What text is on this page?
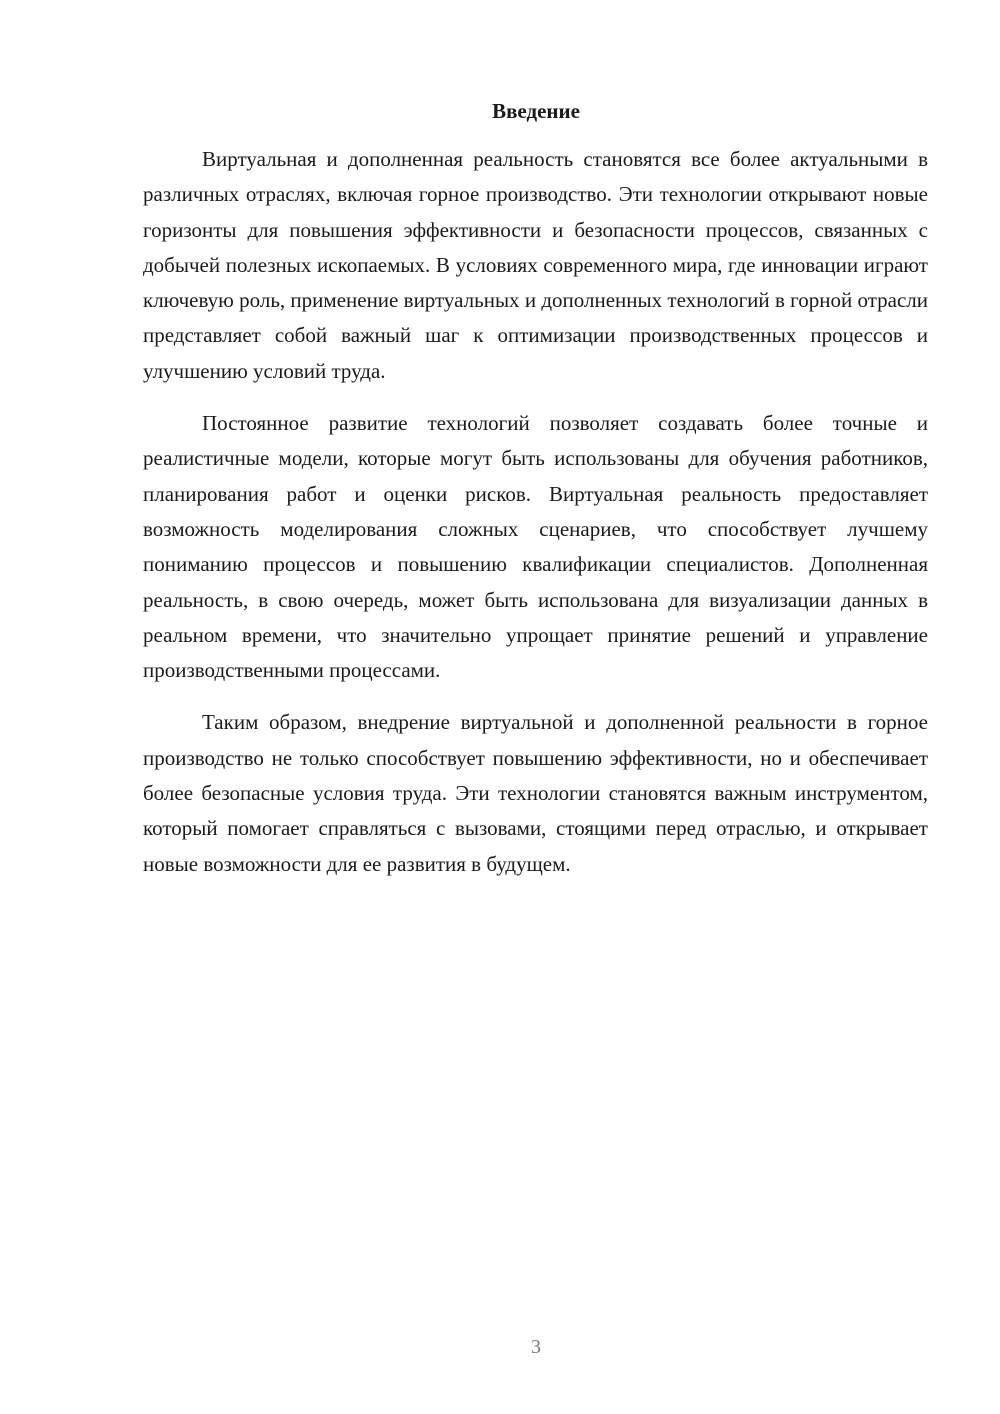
Введение

Виртуальная и дополненная реальность становятся все более актуальными в различных отраслях, включая горное производство. Эти технологии открывают новые горизонты для повышения эффективности и безопасности процессов, связанных с добычей полезных ископаемых. В условиях современного мира, где инновации играют ключевую роль, применение виртуальных и дополненных технологий в горной отрасли представляет собой важный шаг к оптимизации производственных процессов и улучшению условий труда.

Постоянное развитие технологий позволяет создавать более точные и реалистичные модели, которые могут быть использованы для обучения работников, планирования работ и оценки рисков. Виртуальная реальность предоставляет возможность моделирования сложных сценариев, что способствует лучшему пониманию процессов и повышению квалификации специалистов. Дополненная реальность, в свою очередь, может быть использована для визуализации данных в реальном времени, что значительно упрощает принятие решений и управление производственными процессами.

Таким образом, внедрение виртуальной и дополненной реальности в горное производство не только способствует повышению эффективности, но и обеспечивает более безопасные условия труда. Эти технологии становятся важным инструментом, который помогает справляться с вызовами, стоящими перед отраслью, и открывает новые возможности для ее развития в будущем.

3
